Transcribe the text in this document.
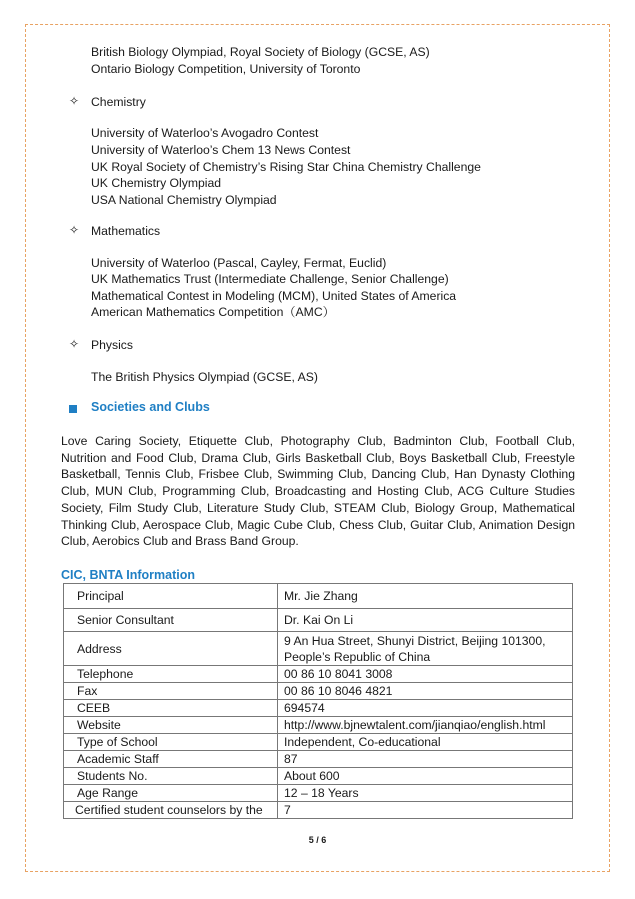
British Biology Olympiad, Royal Society of Biology (GCSE, AS)
Ontario Biology Competition, University of Toronto
✧ Chemistry
University of Waterloo’s Avogadro Contest
University of Waterloo’s Chem 13 News Contest
UK Royal Society of Chemistry’s Rising Star China Chemistry Challenge
UK Chemistry Olympiad
USA National Chemistry Olympiad
✧ Mathematics
University of Waterloo (Pascal, Cayley, Fermat, Euclid)
UK Mathematics Trust (Intermediate Challenge, Senior Challenge)
Mathematical Contest in Modeling (MCM), United States of America
American Mathematics Competition（AMC）
✧ Physics
The British Physics Olympiad (GCSE, AS)
Societies and Clubs
Love Caring Society, Etiquette Club, Photography Club, Badminton Club, Football Club, Nutrition and Food Club, Drama Club, Girls Basketball Club, Boys Basketball Club, Freestyle Basketball, Tennis Club, Frisbee Club, Swimming Club, Dancing Club, Han Dynasty Clothing Club, MUN Club, Programming Club, Broadcasting and Hosting Club, ACG Culture Studies Society, Film Study Club, Literature Study Club, STEAM Club, Biology Group, Mathematical Thinking Club, Aerospace Club, Magic Cube Club, Chess Club, Guitar Club, Animation Design Club, Aerobics Club and Brass Band Group.
CIC, BNTA Information
Principal	Mr. Jie Zhang
Senior Consultant	Dr. Kai On Li
Address	9 An Hua Street, Shunyi District, Beijing 101300, People’s Republic of China
Telephone	00 86 10 8041 3008
Fax	00 86 10 8046 4821
CEEB	694574
Website	http://www.bjnewtalent.com/jianqiao/english.html
Type of School	Independent, Co-educational
Academic Staff	87
Students No.	About 600
Age Range	12 – 18 Years
Certified student counselors by the	7
5 / 6
